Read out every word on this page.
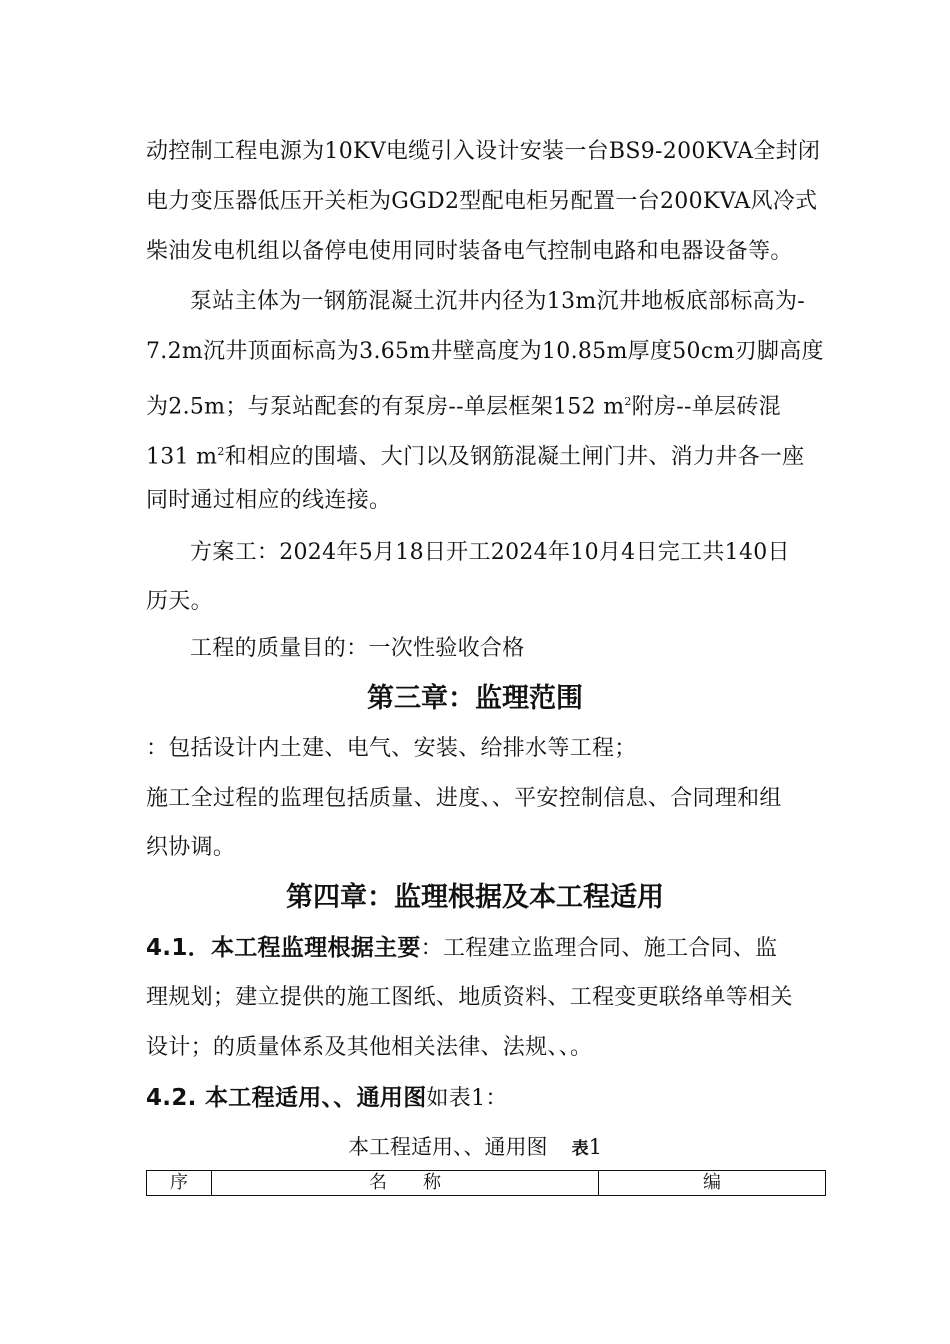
动控制工程电源为10KV电缆引入设计安装一台BS9-200KVA全封闭
电力变压器低压开关柜为GGD2型配电柜另配置一台200KVA风冷式
柴油发电机组以备停电使用同时装备电气控制电路和电器设备等。
泵站主体为一钢筋混凝土沉井内径为13m沉井地板底部标高为-
7.2m沉井顶面标高为3.65m井壁高度为10.85m厚度50cm刃脚高度
为2.5m；与泵站配套的有泵房--单层框架152 $m^2$附房--单层砖混
131 $m^2$和相应的围墙、大门以及钢筋混凝土闸门井、消力井各一座
同时通过相应的线连接。
方案工：2024年5月18日开工2024年10月4日完工共140日
历天。
工程的质量目的：一次性验收合格
第三章：监理范围
：包括设计内土建、电气、安装、给排水等工程；
施工全过程的监理包括质量、进度、、平安控制信息、合同理和组
织协调。
第四章：监理根据及本工程适用
4.1．本工程监理根据主要：工程建立监理合同、施工合同、监
理规划；建立提供的施工图纸、地质资料、工程变更联络单等相关
设计；的质量体系及其他相关法律、法规、、。
4.2. 本工程适用、、通用图如表1：
本工程适用、、通用图 表1
序	名　　称	编
